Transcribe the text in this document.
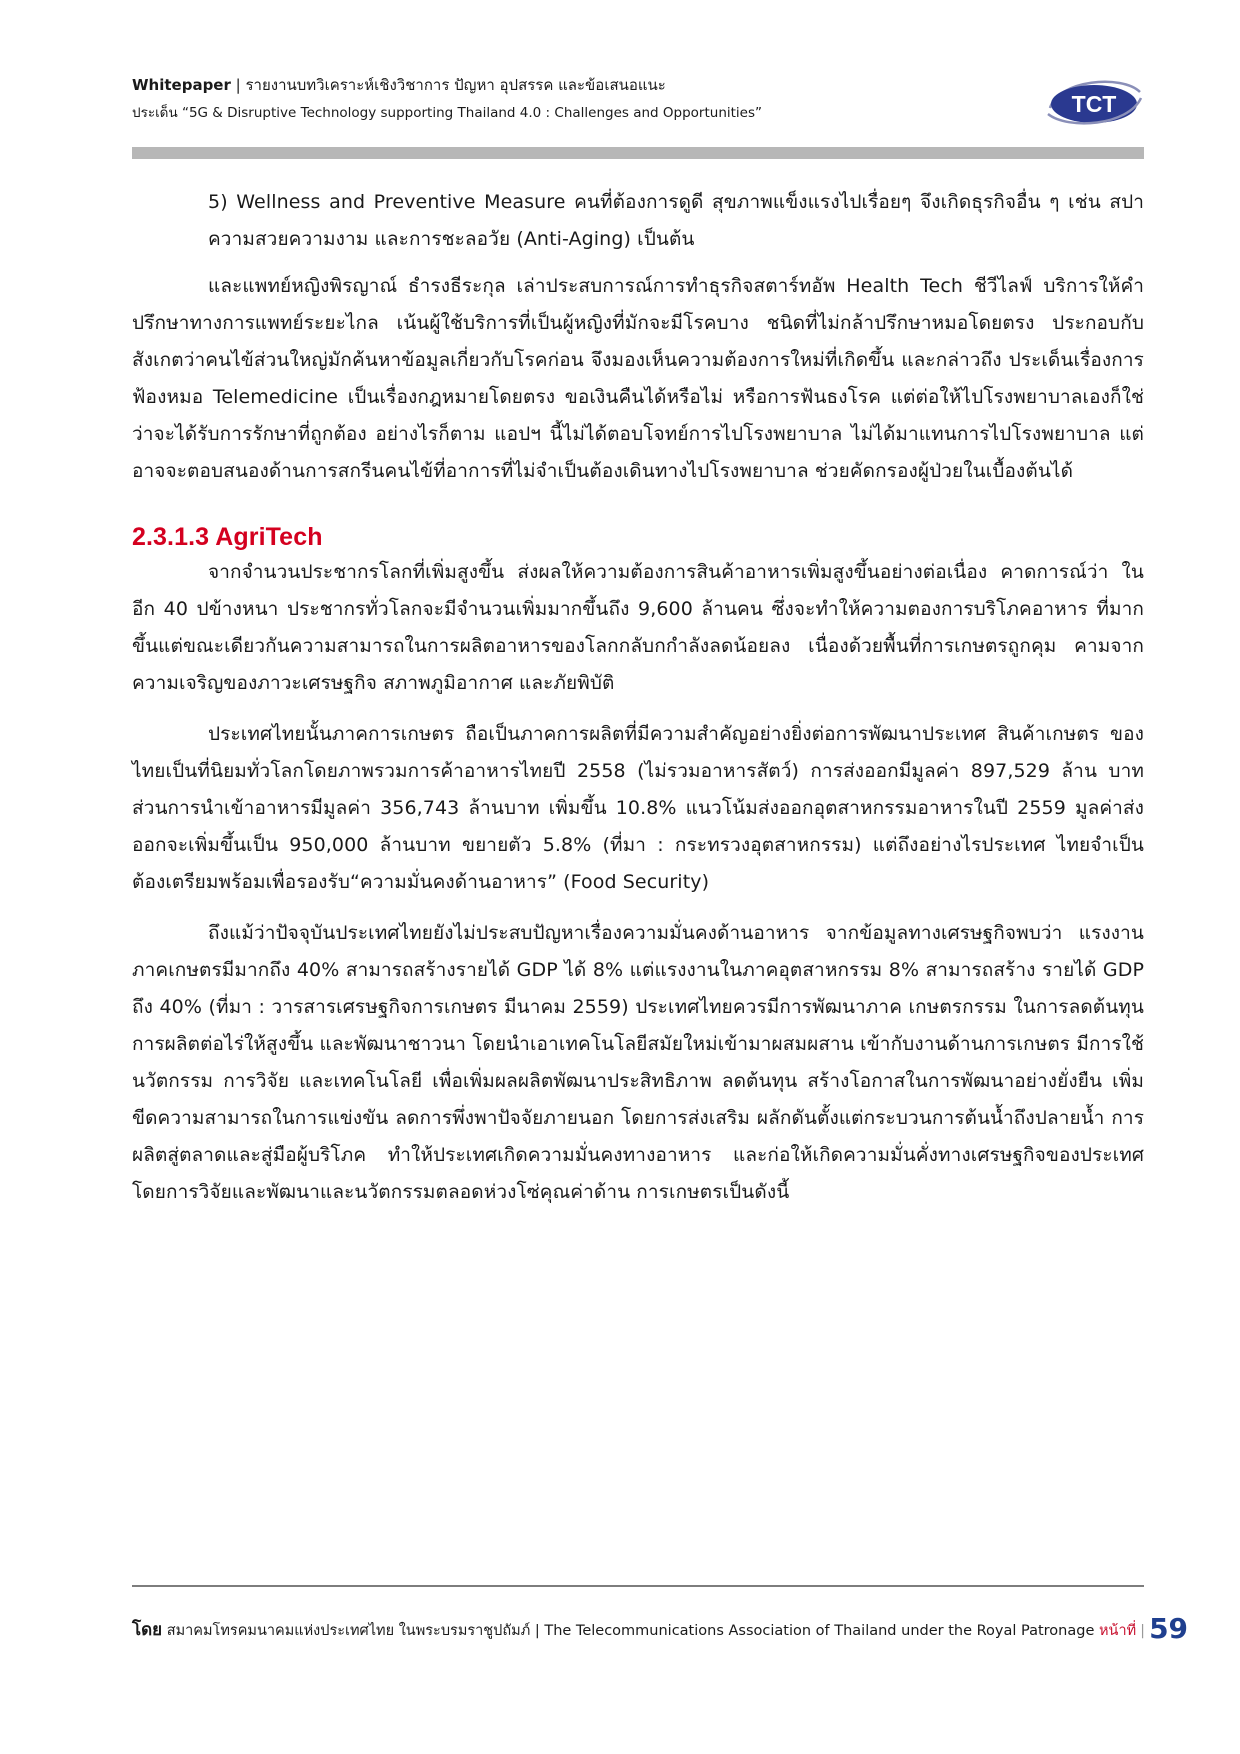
Whitepaper | รายงานบทวิเคราะห์เชิงวิชาการ ปัญหา อุปสรรค และข้อเสนอแนะ
ประเด็น “5G & Disruptive Technology supporting Thailand 4.0 : Challenges and Opportunities”	TCT

5) Wellness and Preventive Measure คนที่ต้องการดูดี สุขภาพแข็งแรงไปเรื่อยๆ จึงเกิดธุรกิจอื่น ๆ เช่น สปา ความสวยความงาม และการชะลอวัย (Anti-Aging) เป็นต้น

และแพทย์หญิงพิรญาณ์ ธำรงธีระกุล เล่าประสบการณ์การทำธุรกิจสตาร์ทอัพ Health Tech ชีวีไลฟ์ บริการให้คำปรึกษาทางการแพทย์ระยะไกล เน้นผู้ใช้บริการที่เป็นผู้หญิงที่มักจะมีโรคบาง ชนิดที่ไม่กล้าปรึกษาหมอโดยตรง ประกอบกับสังเกตว่าคนไข้ส่วนใหญ่มักค้นหาข้อมูลเกี่ยวกับโรคก่อน จึงมองเห็นความต้องการใหม่ที่เกิดขึ้น และกล่าวถึง ประเด็นเรื่องการฟ้องหมอ Telemedicine เป็นเรื่องกฎหมายโดยตรง ขอเงินคืนได้หรือไม่ หรือการฟันธงโรค แต่ต่อให้ไปโรงพยาบาลเองก็ใช่ว่าจะได้รับการรักษาที่ถูกต้อง อย่างไรก็ตาม แอปฯ นี้ไม่ได้ตอบโจทย์การไปโรงพยาบาล ไม่ได้มาแทนการไปโรงพยาบาล แต่อาจจะตอบสนองด้านการสกรีนคนไข้ที่อาการที่ไม่จำเป็นต้องเดินทางไปโรงพยาบาล ช่วยคัดกรองผู้ป่วยในเบื้องต้นได้

2.3.1.3 AgriTech

จากจำนวนประชากรโลกที่เพิ่มสูงขึ้น ส่งผลให้ความต้องการสินค้าอาหารเพิ่มสูงขึ้นอย่างต่อเนื่อง คาดการณ์ว่า ในอีก 40 ปข้างหนา ประชากรทั่วโลกจะมีจำนวนเพิ่มมากขึ้นถึง 9,600 ล้านคน ซึ่งจะทำให้ความตองการบริโภคอาหาร ที่มากขึ้นแต่ขณะเดียวกันความสามารถในการผลิตอาหารของโลกกลับกกำลังลดน้อยลง เนื่องด้วยพื้นที่การเกษตรถูกคุม คามจากความเจริญของภาวะเศรษฐกิจ สภาพภูมิอากาศ และภัยพิบัติ

ประเทศไทยนั้นภาคการเกษตร ถือเป็นภาคการผลิตที่มีความสำคัญอย่างยิ่งต่อการพัฒนาประเทศ สินค้าเกษตร ของไทยเป็นที่นิยมทั่วโลกโดยภาพรวมการค้าอาหารไทยปี 2558 (ไม่รวมอาหารสัตว์) การส่งออกมีมูลค่า 897,529 ล้าน บาท ส่วนการนำเข้าอาหารมีมูลค่า 356,743 ล้านบาท เพิ่มขึ้น 10.8% แนวโน้มส่งออกอุตสาหกรรมอาหารในปี 2559 มูลค่าส่งออกจะเพิ่มขึ้นเป็น 950,000 ล้านบาท ขยายตัว 5.8% (ที่มา : กระทรวงอุตสาหกรรม) แต่ถึงอย่างไรประเทศ ไทยจำเป็นต้องเตรียมพร้อมเพื่อรองรับ“ความมั่นคงด้านอาหาร” (Food Security)

ถึงแม้ว่าปัจจุบันประเทศไทยยังไม่ประสบปัญหาเรื่องความมั่นคงด้านอาหาร จากข้อมูลทางเศรษฐกิจพบว่า แรงงานภาคเกษตรมีมากถึง 40% สามารถสร้างรายได้ GDP ได้ 8% แต่แรงงานในภาคอุตสาหกรรม 8% สามารถสร้าง รายได้ GDP ถึง 40% (ที่มา : วารสารเศรษฐกิจการเกษตร มีนาคม 2559) ประเทศไทยควรมีการพัฒนาภาค เกษตรกรรม ในการลดต้นทุนการผลิตต่อไร่ให้สูงขึ้น และพัฒนาชาวนา โดยนำเอาเทคโนโลยีสมัยใหม่เข้ามาผสมผสาน เข้ากับงานด้านการเกษตร มีการใช้นวัตกรรม การวิจัย และเทคโนโลยี เพื่อเพิ่มผลผลิตพัฒนาประสิทธิภาพ ลดต้นทุน สร้างโอกาสในการพัฒนาอย่างยั่งยืน เพิ่มขีดความสามารถในการแข่งขัน ลดการพึ่งพาปัจจัยภายนอก โดยการส่งเสริม ผลักดันตั้งแต่กระบวนการต้นน้ำถึงปลายน้ำ การผลิตสู่ตลาดและสู่มือผู้บริโภค ทำให้ประเทศเกิดความมั่นคงทางอาหาร และก่อให้เกิดความมั่นคั่งทางเศรษฐกิจของประเทศ โดยการวิจัยและพัฒนาและนวัตกรรมตลอดห่วงโซ่คุณค่าด้าน การเกษตรเป็นดังนี้

โดย สมาคมโทรคมนาคมแห่งประเทศไทย ในพระบรมราชูปถัมภ์ | The Telecommunications Association of Thailand under the Royal Patronage หน้าที่ | 59
